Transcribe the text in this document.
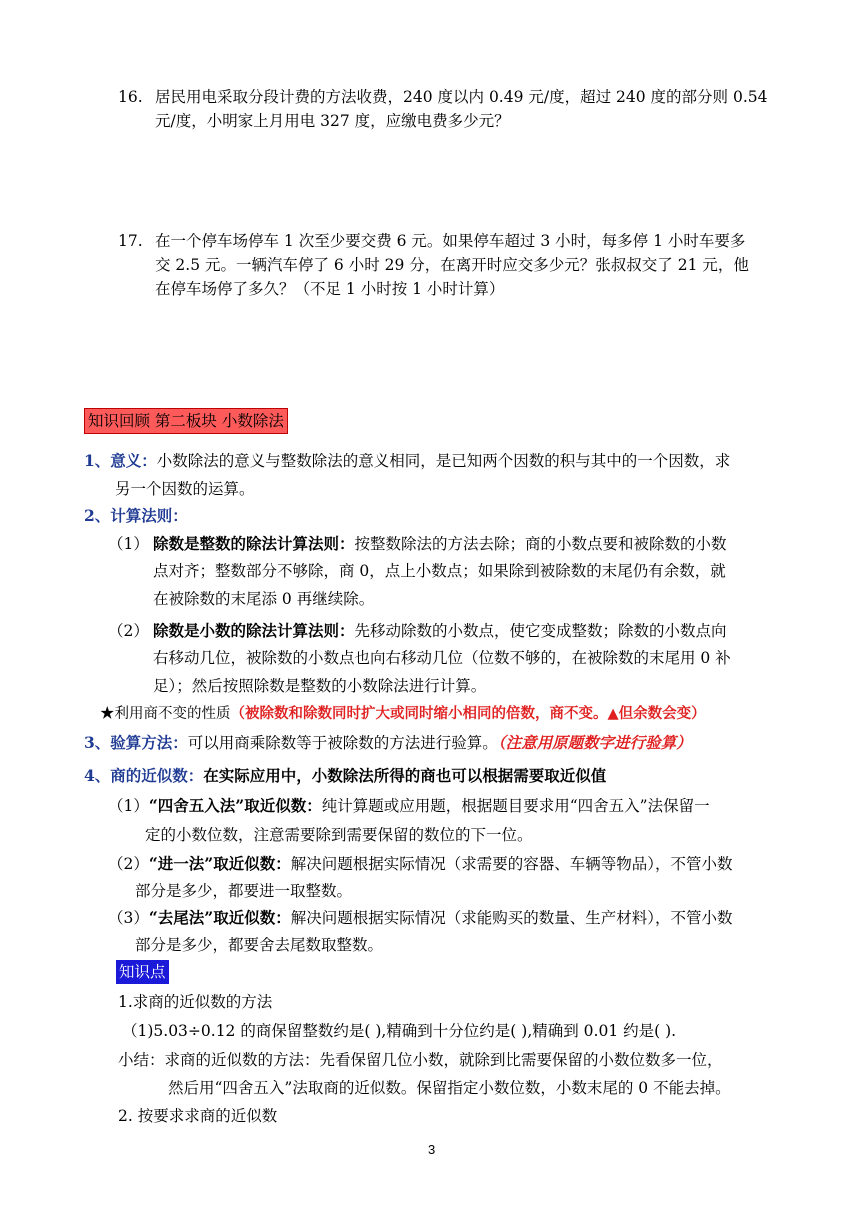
16. 居民用电采取分段计费的方法收费，240 度以内 0.49 元/度，超过 240 度的部分则 0.54
元/度，小明家上月用电 327 度，应缴电费多少元？
17. 在一个停车场停车 1 次至少要交费 6 元。如果停车超过 3 小时，每多停 1 小时车要多
交 2.5 元。一辆汽车停了 6 小时 29 分，在离开时应交多少元？张叔叔交了 21 元，他
在停车场停了多久？（不足 1 小时按 1 小时计算）
知识回顾 第二板块 小数除法
1、意义：小数除法的意义与整数除法的意义相同，是已知两个因数的积与其中的一个因数，求
另一个因数的运算。
2、计算法则：
（1） 除数是整数的除法计算法则：按整数除法的方法去除；商的小数点要和被除数的小数
点对齐；整数部分不够除，商 0，点上小数点；如果除到被除数的末尾仍有余数，就
在被除数的末尾添 0 再继续除。
（2） 除数是小数的除法计算法则：先移动除数的小数点，使它变成整数；除数的小数点向
右移动几位，被除数的小数点也向右移动几位（位数不够的，在被除数的末尾用 0 补
足）；然后按照除数是整数的小数除法进行计算。
★利用商不变的性质（被除数和除数同时扩大或同时缩小相同的倍数，商不变。▲但余数会变）
3、验算方法：可以用商乘除数等于被除数的方法进行验算。（注意用原题数字进行验算）
4、商的近似数：在实际应用中，小数除法所得的商也可以根据需要取近似值
（1）“四舍五入法”取近似数：纯计算题或应用题，根据题目要求用“四舍五入”法保留一
定的小数位数，注意需要除到需要保留的数位的下一位。
（2）“进一法”取近似数：解决问题根据实际情况（求需要的容器、车辆等物品），不管小数
部分是多少，都要进一取整数。
（3）“去尾法”取近似数：解决问题根据实际情况（求能购买的数量、生产材料），不管小数
部分是多少，都要舍去尾数取整数。
知识点
1.求商的近似数的方法
（1)5.03÷0.12 的商保留整数约是( ),精确到十分位约是( ),精确到 0.01 约是( ).
小结：求商的近似数的方法：先看保留几位小数，就除到比需要保留的小数位数多一位，
然后用“四舍五入”法取商的近似数。保留指定小数位数，小数末尾的 0 不能去掉。
2. 按要求求商的近似数
3
